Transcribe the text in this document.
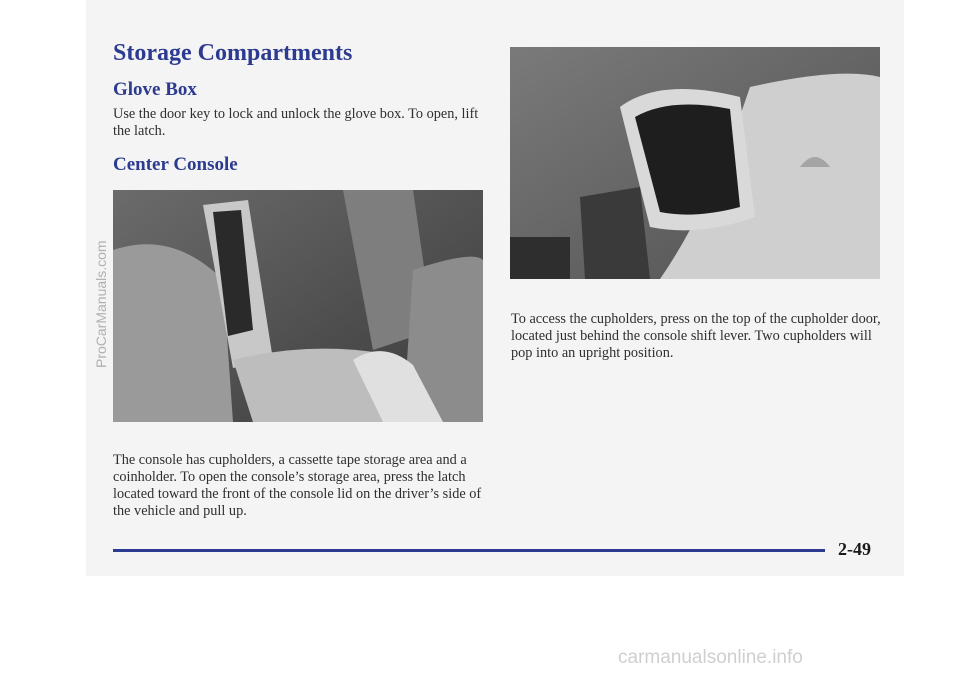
Storage Compartments
Glove Box

Use the door key to lock and unlock the glove box. To open, lift the latch.

Center Console

The console has cupholders, a cassette tape storage area and a coinholder. To open the console’s storage area, press the latch located toward the front of the console lid on the driver’s side of the vehicle and pull up.

To access the cupholders, press on the top of the cupholder door, located just behind the console shift lever. Two cupholders will pop into an upright position.

2-49
ProCarManuals.com
carmanualsonline.info
